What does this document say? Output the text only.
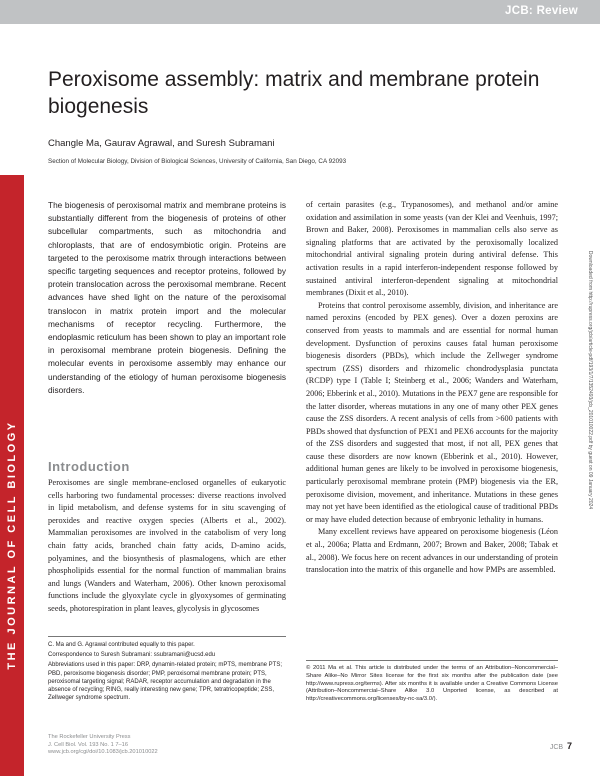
JCB: Review
THE JOURNAL OF CELL BIOLOGY
Downloaded from http://rupress.org/jcb/article-pdf/193/1/7/1352493/jcb_201010022.pdf by guest on 09 January 2024
Peroxisome assembly: matrix and membrane protein biogenesis
Changle Ma, Gaurav Agrawal, and Suresh Subramani
Section of Molecular Biology, Division of Biological Sciences, University of California, San Diego, CA 92093
The biogenesis of peroxisomal matrix and membrane proteins is substantially different from the biogenesis of proteins of other subcellular compartments, such as mitochondria and chloroplasts, that are of endosymbiotic origin. Proteins are targeted to the peroxisome matrix through interactions between specific targeting sequences and receptor proteins, followed by protein translocation across the peroxisomal membrane. Recent advances have shed light on the nature of the peroxisomal translocon in matrix protein import and the molecular mechanisms of receptor recycling. Furthermore, the endoplasmic reticulum has been shown to play an important role in peroxisomal membrane protein biogenesis. Defining the molecular events in peroxisome assembly may enhance our understanding of the etiology of human peroxisome biogenesis disorders.
Introduction

Peroxisomes are single membrane-enclosed organelles of eukaryotic cells harboring two fundamental processes: diverse reactions involved in lipid metabolism, and defense systems for in situ scavenging of peroxides and reactive oxygen species (Alberts et al., 2002). Mammalian peroxisomes are involved in the catabolism of very long chain fatty acids, branched chain fatty acids, D-amino acids, polyamines, and the biosynthesis of plasmalogens, which are ether phospholipids essential for the normal function of mammalian brains and lungs (Wanders and Waterham, 2006). Other known peroxisomal functions include the glyoxylate cycle in glyoxysomes of germinating seeds, photorespiration in plant leaves, glycolysis in glycosomes

of certain parasites (e.g., Trypanosomes), and methanol and/or amine oxidation and assimilation in some yeasts (van der Klei and Veenhuis, 1997; Brown and Baker, 2008). Peroxisomes in mammalian cells also serve as signaling platforms that are activated by the peroxisomally localized mitochondrial antiviral signaling protein during antiviral defense. This activation results in a rapid interferon-independent response followed by sustained antiviral interferon-dependent signaling at mitochondrial membranes (Dixit et al., 2010).

Proteins that control peroxisome assembly, division, and inheritance are named peroxins (encoded by PEX genes). Over a dozen peroxins are conserved from yeasts to mammals and are essential for normal human development. Dysfunction of peroxins causes fatal human peroxisome biogenesis disorders (PBDs), which include the Zellweger syndrome spectrum (ZSS) disorders and rhizomelic chondrodysplasia punctata (RCDP) type I (Table I; Steinberg et al., 2006; Wanders and Waterham, 2006; Ebberink et al., 2010). Mutations in the PEX7 gene are responsible for the latter disorder, whereas mutations in any one of many other PEX genes cause the ZSS disorders. A recent analysis of cells from >600 patients with PBDs showed that dysfunction of PEX1 and PEX6 accounts for the majority of the ZSS disorders and suggested that most, if not all, PEX genes that cause these disorders are now known (Ebberink et al., 2010). However, additional human genes are likely to be involved in peroxisome biogenesis, particularly peroxisomal membrane protein (PMP) biogenesis via the ER, peroxisome division, movement, and inheritance. Mutations in these genes may not yet have been identified as the etiological cause of traditional PBDs or may have eluded detection because of embryonic lethality in humans.

Many excellent reviews have appeared on peroxisome biogenesis (Léon et al., 2006a; Platta and Erdmann, 2007; Brown and Baker, 2008; Tabak et al., 2008). We focus here on recent advances in our understanding of protein translocation into the matrix of this organelle and how PMPs are assembled.

C. Ma and G. Agrawal contributed equally to this paper.
Correspondence to Suresh Subramani: ssubramani@ucsd.edu
Abbreviations used in this paper: DRP, dynamin-related protein; mPTS, membrane PTS; PBD, peroxisome biogenesis disorder; PMP, peroxisomal membrane protein; PTS, peroxisomal targeting signal; RADAR, receptor accumulation and degradation in the absence of recycling; RING, really interesting new gene; TPR, tetratricopeptide; ZSS, Zellweger syndrome spectrum.
© 2011 Ma et al. This article is distributed under the terms of an Attribution–Noncommercial–Share Alike–No Mirror Sites license for the first six months after the publication date (see http://www.rupress.org/terms). After six months it is available under a Creative Commons License (Attribution–Noncommercial–Share Alike 3.0 Unported license, as described at http://creativecommons.org/licenses/by-nc-sa/3.0/).
The Rockefeller University Press
J. Cell Biol. Vol. 193 No. 1 7–16
www.jcb.org/cgi/doi/10.1083/jcb.201010022
JCB 7
